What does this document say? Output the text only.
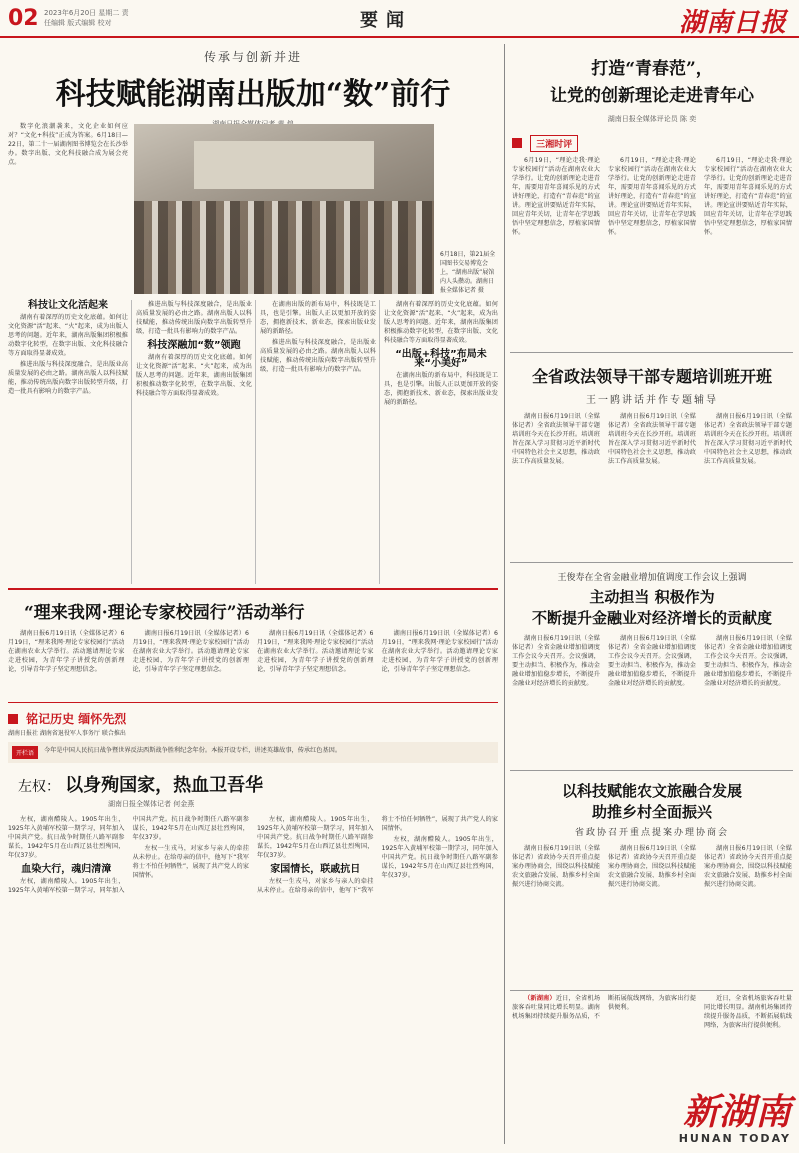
02 2023年6月20日 星期二 责任编辑 版式编辑 校对	要闻	湖南日报
传承与创新并进
科技赋能湖南出版加“数”前行

数字化浪潮袭来，文化企业如何应对？“文化+科技”正成为答案。6月18日—22日，第二十一届湖南图书博览会在长沙举办。数字出版、文化科技融合成为展会亮点。

6月18日，第21届全国图书交易博览会上，“湖南出版”展馆内人头攒动。湖南日报全媒体记者 摄
科技让文化活起来

湖南有着深厚的历史文化底蕴。如何让文化资源“活”起来、“火”起来，成为出版人思考的问题。近年来，湖南出版集团积极推动数字化转型，在数字出版、文化科技融合等方面取得显著成效。

推进出版与科技深度融合，是出版业高质量发展的必由之路。湖南出版人以科技赋能，推动传统出版向数字出版转型升级，打造一批具有影响力的数字产品。

推进出版与科技深度融合，是出版业高质量发展的必由之路。湖南出版人以科技赋能，推动传统出版向数字出版转型升级，打造一批具有影响力的数字产品。

科技深融加“数”领跑

湖南有着深厚的历史文化底蕴。如何让文化资源“活”起来、“火”起来，成为出版人思考的问题。近年来，湖南出版集团积极推动数字化转型，在数字出版、文化科技融合等方面取得显著成效。

在湖南出版的新布局中，科技既是工具，也是引擎。出版人正以更加开放的姿态，拥抱新技术、新业态，探索出版业发展的新路径。

推进出版与科技深度融合，是出版业高质量发展的必由之路。湖南出版人以科技赋能，推动传统出版向数字出版转型升级，打造一批具有影响力的数字产品。

湖南有着深厚的历史文化底蕴。如何让文化资源“活”起来、“火”起来，成为出版人思考的问题。近年来，湖南出版集团积极推动数字化转型，在数字出版、文化科技融合等方面取得显著成效。

“出版+科技”布局未来“小美好”

在湖南出版的新布局中，科技既是工具，也是引擎。出版人正以更加开放的姿态，拥抱新技术、新业态，探索出版业发展的新路径。

打造“青春范”，
让党的创新理论走进青年心
湖南日报全媒体评论员 陈 奕
三湘时评

6月19日，“理论走我·理论专家校园行”活动在湖南农业大学举行。让党的创新理论走进青年，需要用青年喜闻乐见的方式讲好理论，打造有“青春范”的宣讲。理论宣讲要贴近青年实际，回应青年关切，让青年在学思践悟中坚定理想信念，厚植家国情怀。

6月19日，“理论走我·理论专家校园行”活动在湖南农业大学举行。让党的创新理论走进青年，需要用青年喜闻乐见的方式讲好理论，打造有“青春范”的宣讲。理论宣讲要贴近青年实际，回应青年关切，让青年在学思践悟中坚定理想信念，厚植家国情怀。

6月19日，“理论走我·理论专家校园行”活动在湖南农业大学举行。让党的创新理论走进青年，需要用青年喜闻乐见的方式讲好理论，打造有“青春范”的宣讲。理论宣讲要贴近青年实际，回应青年关切，让青年在学思践悟中坚定理想信念，厚植家国情怀。

全省政法领导干部专题培训班开班
王一鸥讲话并作专题辅导

湖南日报6月19日讯（全媒体记者）全省政法领导干部专题培训班今天在长沙开班。培训班旨在深入学习贯彻习近平新时代中国特色社会主义思想，推动政法工作高质量发展。

湖南日报6月19日讯（全媒体记者）全省政法领导干部专题培训班今天在长沙开班。培训班旨在深入学习贯彻习近平新时代中国特色社会主义思想，推动政法工作高质量发展。

湖南日报6月19日讯（全媒体记者）全省政法领导干部专题培训班今天在长沙开班。培训班旨在深入学习贯彻习近平新时代中国特色社会主义思想，推动政法工作高质量发展。

王俊寿在全省金融业增加值调度工作会议上强调
主动担当 积极作为
不断提升金融业对经济增长的贡献度

湖南日报6月19日讯（全媒体记者）全省金融业增加值调度工作会议今天召开。会议强调，要主动担当、积极作为，推动金融业增加值稳步增长，不断提升金融业对经济增长的贡献度。

湖南日报6月19日讯（全媒体记者）全省金融业增加值调度工作会议今天召开。会议强调，要主动担当、积极作为，推动金融业增加值稳步增长，不断提升金融业对经济增长的贡献度。

湖南日报6月19日讯（全媒体记者）全省金融业增加值调度工作会议今天召开。会议强调，要主动担当、积极作为，推动金融业增加值稳步增长，不断提升金融业对经济增长的贡献度。

“理来我网·理论专家校园行”活动举行

湖南日报6月19日讯（全媒体记者）6月19日，“理来我网·理论专家校园行”活动在湖南农业大学举行。活动邀请理论专家走进校园，为青年学子讲授党的创新理论，引导青年学子坚定理想信念。

湖南日报6月19日讯（全媒体记者）6月19日，“理来我网·理论专家校园行”活动在湖南农业大学举行。活动邀请理论专家走进校园，为青年学子讲授党的创新理论，引导青年学子坚定理想信念。

湖南日报6月19日讯（全媒体记者）6月19日，“理来我网·理论专家校园行”活动在湖南农业大学举行。活动邀请理论专家走进校园，为青年学子讲授党的创新理论，引导青年学子坚定理想信念。

湖南日报6月19日讯（全媒体记者）6月19日，“理来我网·理论专家校园行”活动在湖南农业大学举行。活动邀请理论专家走进校园，为青年学子讲授党的创新理论，引导青年学子坚定理想信念。

铭记历史 缅怀先烈
湖南日报社 湖南省退役军人事务厅 联合推出
开栏语	今年是中国人民抗日战争暨世界反法西斯战争胜利纪念年份。本报开设专栏，讲述英雄故事，传承红色基因。
左权： 以身殉国家，热血卫吾华
湖南日报全媒体记者 何金燕

左权，湖南醴陵人。1905年出生，1925年入黄埔军校第一期学习，同年加入中国共产党。抗日战争时期任八路军副参谋长，1942年5月在山西辽县壮烈殉国，年仅37岁。

血染大行，魂归清漳

左权，湖南醴陵人。1905年出生，1925年入黄埔军校第一期学习，同年加入中国共产党。抗日战争时期任八路军副参谋长，1942年5月在山西辽县壮烈殉国，年仅37岁。

左权一生戎马，对家乡与亲人的牵挂从未停止。在给母亲的信中，他写下“我军将士不怕任何牺牲”，展现了共产党人的家国情怀。

左权，湖南醴陵人。1905年出生，1925年入黄埔军校第一期学习，同年加入中国共产党。抗日战争时期任八路军副参谋长，1942年5月在山西辽县壮烈殉国，年仅37岁。

家国情长，联戚抗日

左权一生戎马，对家乡与亲人的牵挂从未停止。在给母亲的信中，他写下“我军将士不怕任何牺牲”，展现了共产党人的家国情怀。

左权，湖南醴陵人。1905年出生，1925年入黄埔军校第一期学习，同年加入中国共产党。抗日战争时期任八路军副参谋长，1942年5月在山西辽县壮烈殉国，年仅37岁。

以科技赋能农文旅融合发展
助推乡村全面振兴
省政协召开重点提案办理协商会

湖南日报6月19日讯（全媒体记者）省政协今天召开重点提案办理协商会，围绕以科技赋能农文旅融合发展、助推乡村全面振兴进行协商交流。

湖南日报6月19日讯（全媒体记者）省政协今天召开重点提案办理协商会，围绕以科技赋能农文旅融合发展、助推乡村全面振兴进行协商交流。

湖南日报6月19日讯（全媒体记者）省政协今天召开重点提案办理协商会，围绕以科技赋能农文旅融合发展、助推乡村全面振兴进行协商交流。

（新湖南）近日，全省机场旅客吞吐量同比增长明显。湖南机场集团持续提升服务品质，不断拓展航线网络，为旅客出行提供便利。

近日，全省机场旅客吞吐量同比增长明显。湖南机场集团持续提升服务品质，不断拓展航线网络，为旅客出行提供便利。

新湖南
HUNAN TODAY
